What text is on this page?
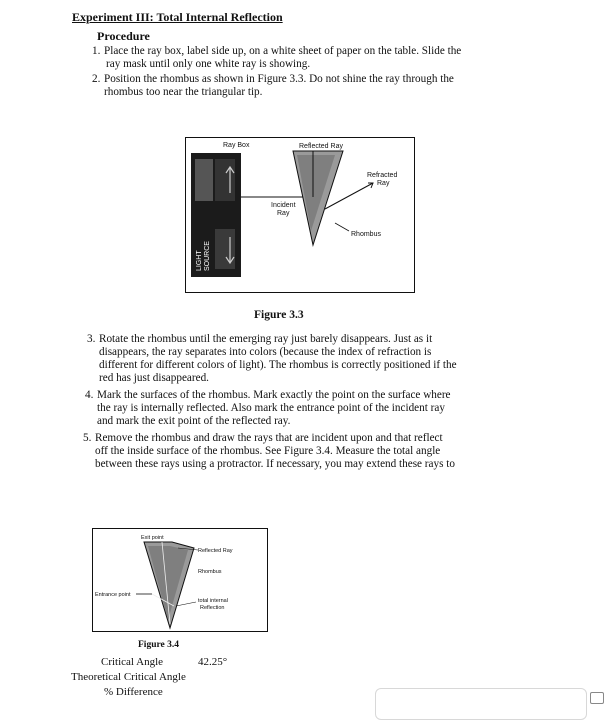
Experiment III: Total Internal Reflection
Procedure
1. Place the ray box, label side up, on a white sheet of paper on the table. Slide the
ray mask until only one white ray is showing.
2. Position the rhombus as shown in Figure 3.3. Do not shine the ray through the
rhombus too near the triangular tip.
LIGHT SOURCE
Ray Box	Reflected Ray
Refracted
Ray
Incident
Ray
Rhombus
Figure 3.3
3. Rotate the rhombus until the emerging ray just barely disappears. Just as it
disappears, the ray separates into colors (because the index of refraction is
different for different colors of light). The rhombus is correctly positioned if the
red has just disappeared.
4. Mark the surfaces of the rhombus. Mark exactly the point on the surface where
the ray is internally reflected. Also mark the entrance point of the incident ray
and mark the exit point of the reflected ray.
5. Remove the rhombus and draw the rays that are incident upon and that reflect
off the inside surface of the rhombus. See Figure 3.4. Measure the total angle
between these rays using a protractor. If necessary, you may extend these rays to
Exit point
Reflected Ray
Rhombus
Entrance point
total internal
Reflection
Figure 3.4
Critical Angle	42.25°
Theoretical Critical Angle
% Difference
